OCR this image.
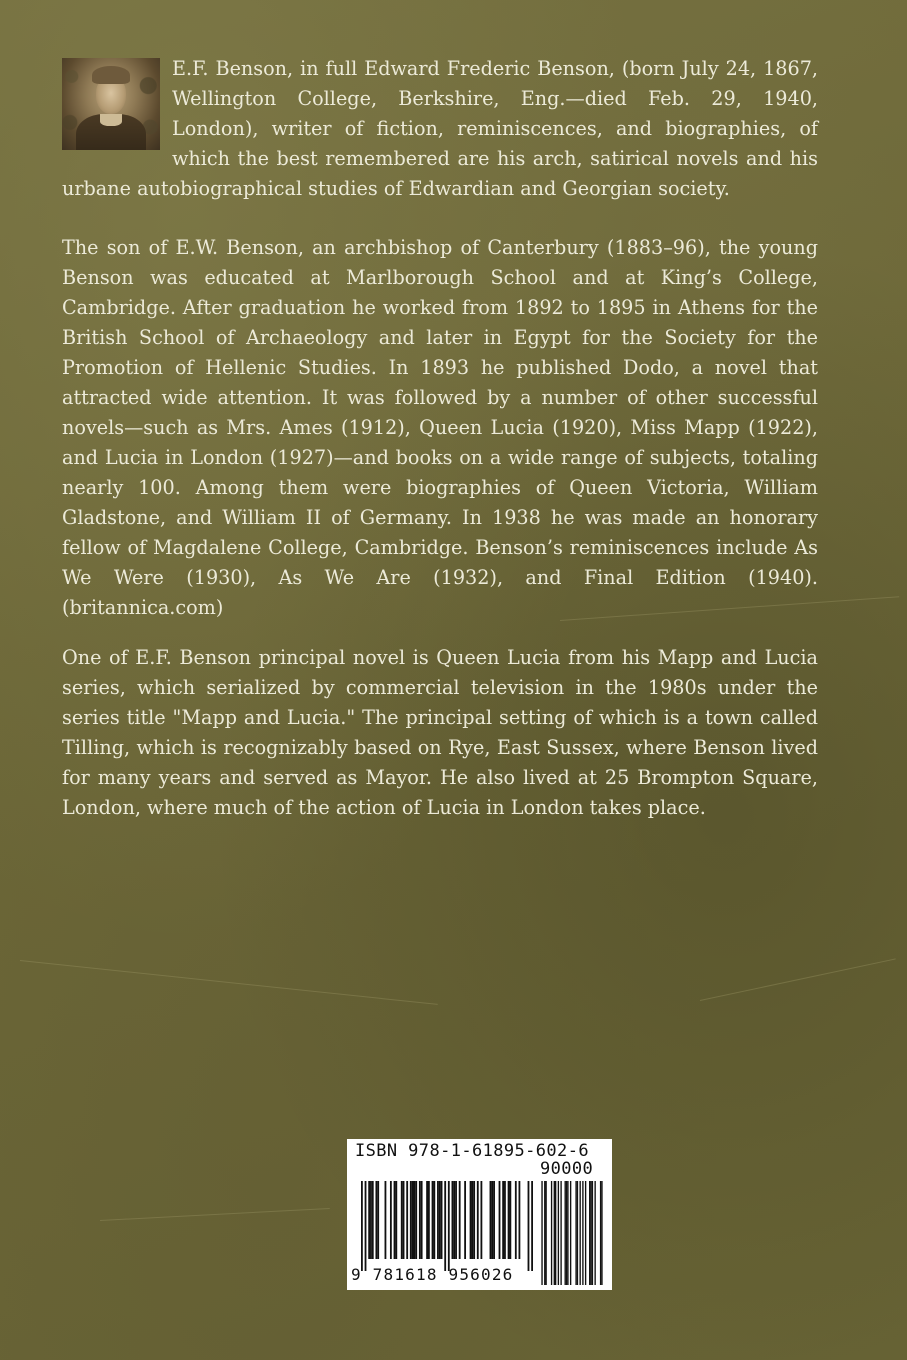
E.F. Benson, in full Edward Frederic Benson, (born July 24, 1867, Wellington College, Berkshire, Eng.—died Feb. 29, 1940, London), writer of fiction, reminiscences, and biographies, of which the best remembered are his arch, satirical novels and his urbane autobiographical studies of Edwardian and Georgian society.

The son of E.W. Benson, an archbishop of Canterbury (1883–96), the young Benson was educated at Marlborough School and at King’s College, Cambridge. After graduation he worked from 1892 to 1895 in Athens for the British School of Archaeology and later in Egypt for the Society for the Promotion of Hellenic Studies. In 1893 he published Dodo, a novel that attracted wide attention. It was followed by a number of other successful novels—such as Mrs. Ames (1912), Queen Lucia (1920), Miss Mapp (1922), and Lucia in London (1927)—and books on a wide range of subjects, totaling nearly 100. Among them were biographies of Queen Victoria, William Gladstone, and William II of Germany. In 1938 he was made an honorary fellow of Magdalene College, Cambridge. Benson’s reminiscences include As We Were (1930), As We Are (1932), and Final Edition (1940). (britannica.com)

One of E.F. Benson principal novel is Queen Lucia from his Mapp and Lucia series, which serialized by commercial television in the 1980s under the series title "Mapp and Lucia." The principal setting of which is a town called Tilling, which is recognizably based on Rye, East Sussex, where Benson lived for many years and served as Mayor. He also lived at 25 Brompton Square, London, where much of the action of Lucia in London takes place.

ISBN 978-1-61895-602-6
90000
9 781618 956026
